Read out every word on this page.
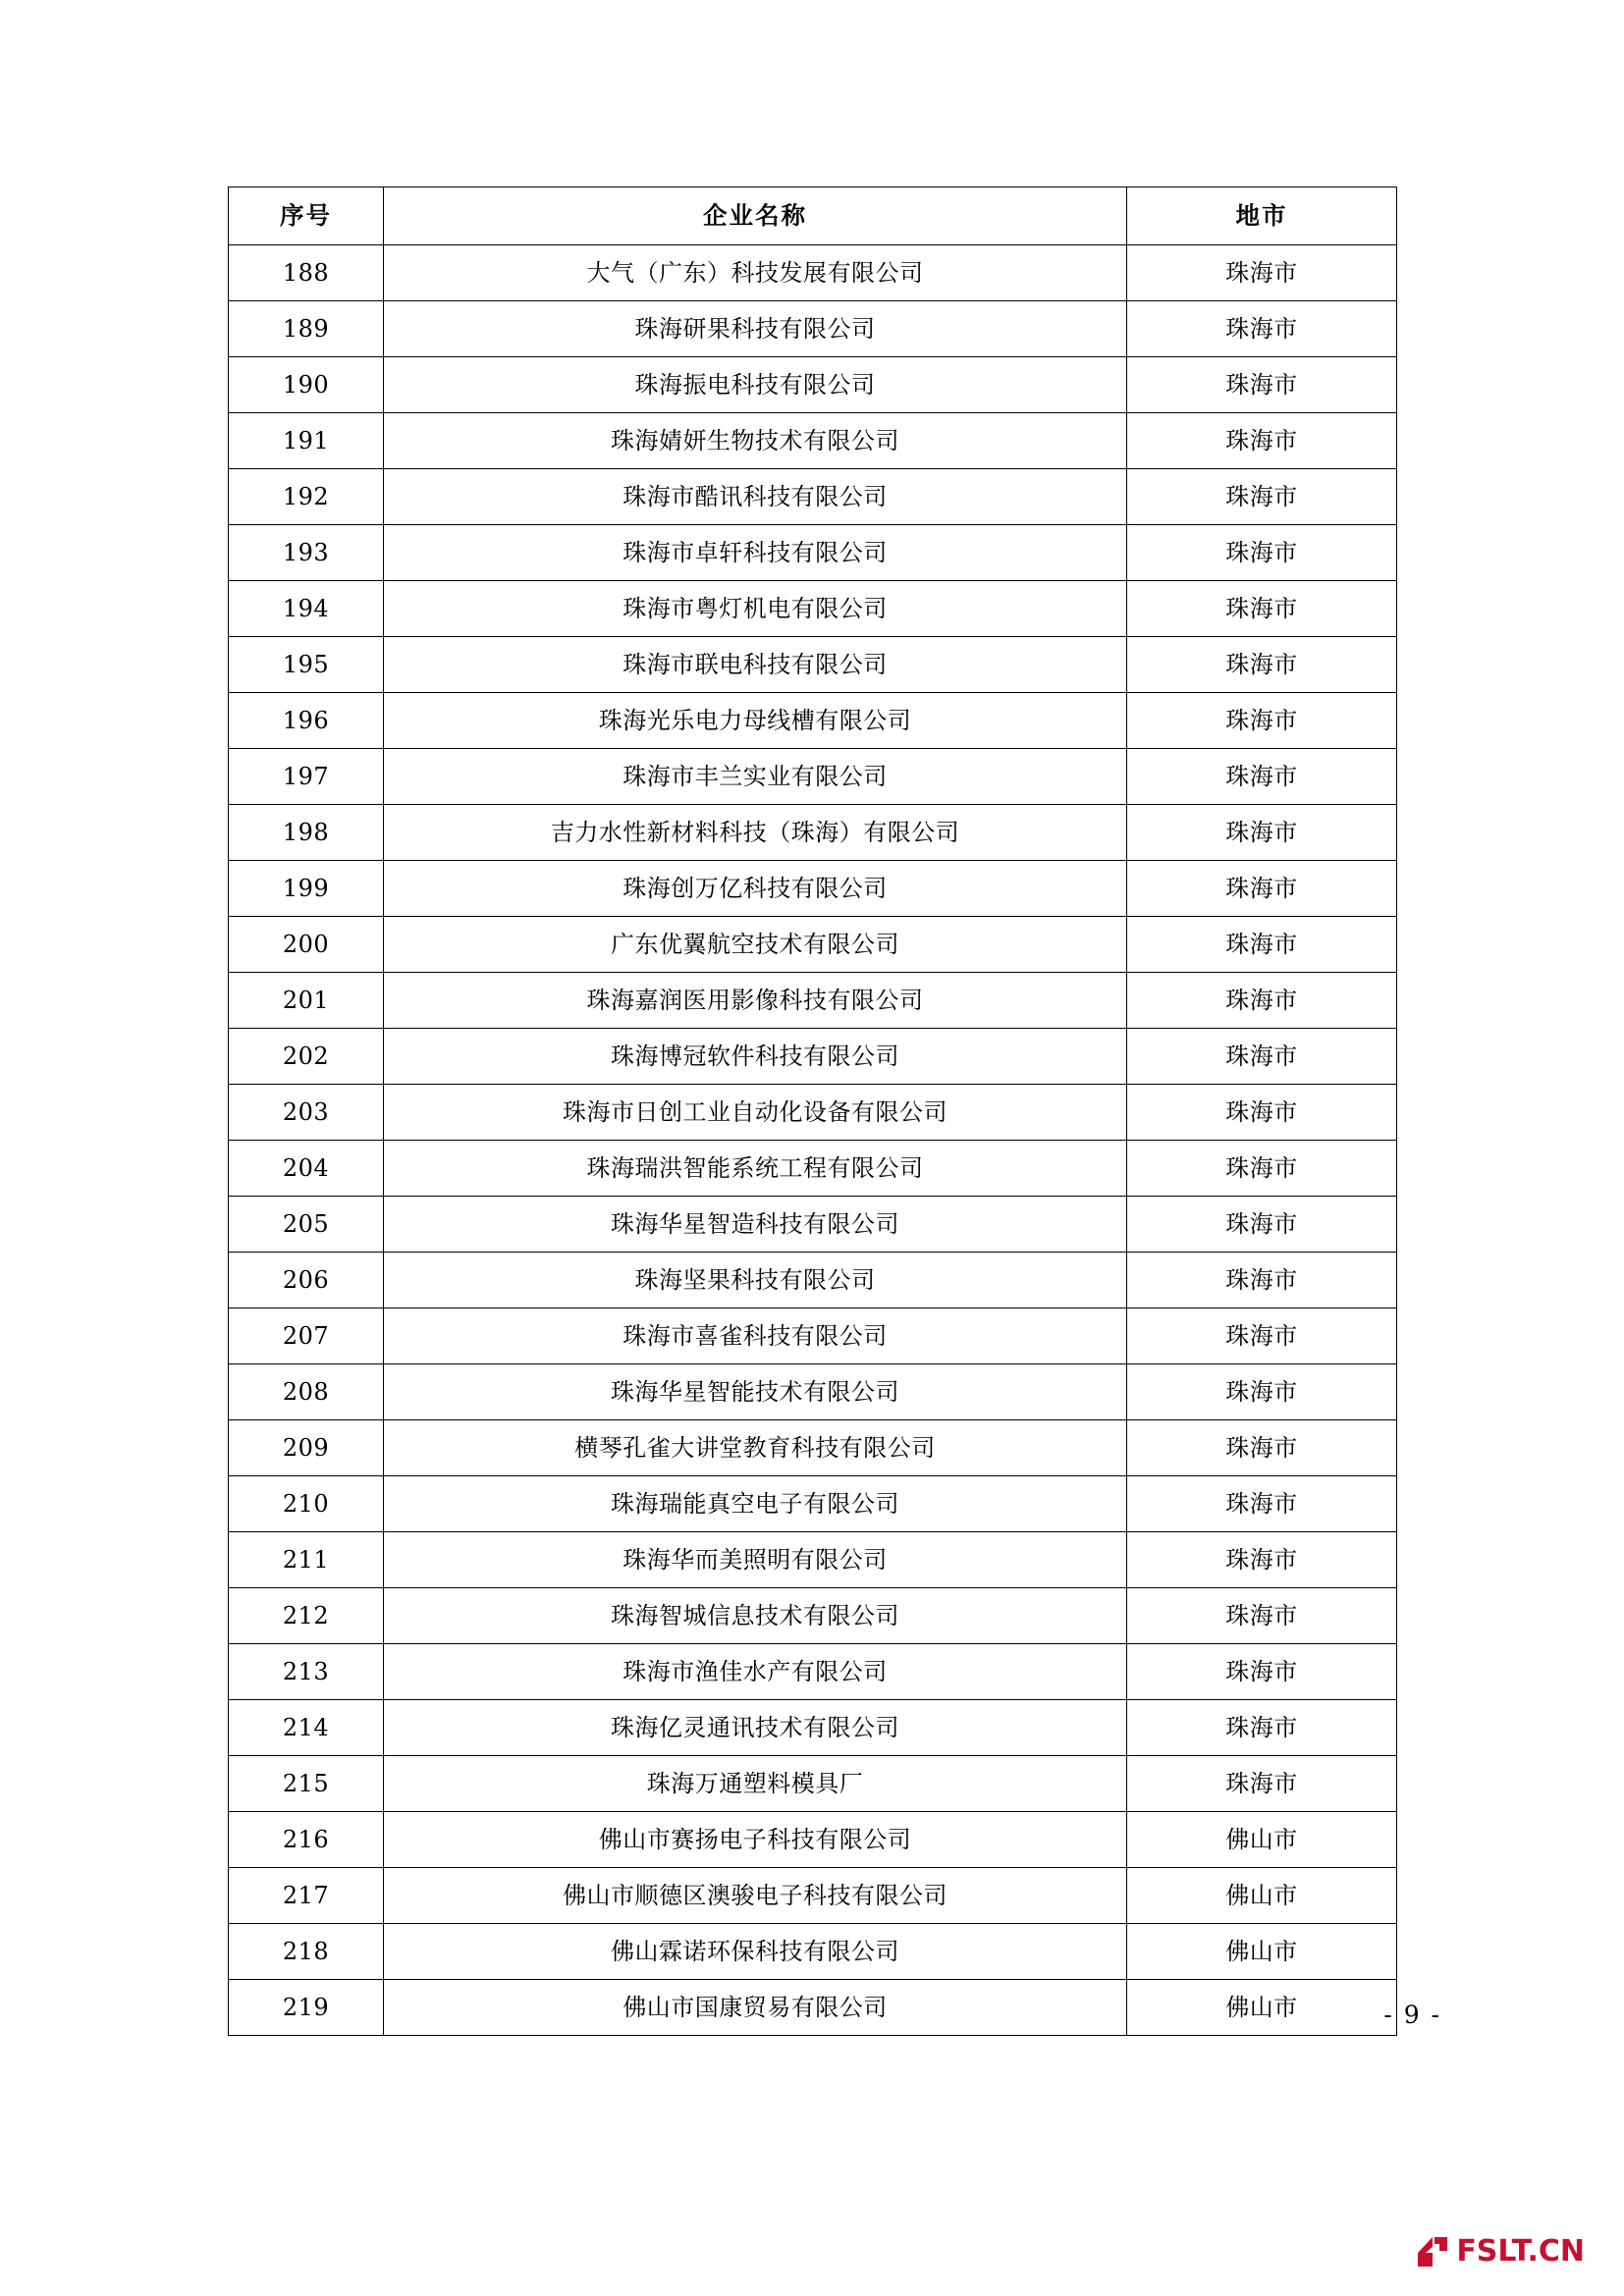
序号	企业名称	地市
188	大气（广东）科技发展有限公司	珠海市
189	珠海研果科技有限公司	珠海市
190	珠海振电科技有限公司	珠海市
191	珠海婧妍生物技术有限公司	珠海市
192	珠海市酷讯科技有限公司	珠海市
193	珠海市卓轩科技有限公司	珠海市
194	珠海市粤灯机电有限公司	珠海市
195	珠海市联电科技有限公司	珠海市
196	珠海光乐电力母线槽有限公司	珠海市
197	珠海市丰兰实业有限公司	珠海市
198	吉力水性新材料科技（珠海）有限公司	珠海市
199	珠海创万亿科技有限公司	珠海市
200	广东优翼航空技术有限公司	珠海市
201	珠海嘉润医用影像科技有限公司	珠海市
202	珠海博冠软件科技有限公司	珠海市
203	珠海市日创工业自动化设备有限公司	珠海市
204	珠海瑞洪智能系统工程有限公司	珠海市
205	珠海华星智造科技有限公司	珠海市
206	珠海坚果科技有限公司	珠海市
207	珠海市喜雀科技有限公司	珠海市
208	珠海华星智能技术有限公司	珠海市
209	横琴孔雀大讲堂教育科技有限公司	珠海市
210	珠海瑞能真空电子有限公司	珠海市
211	珠海华而美照明有限公司	珠海市
212	珠海智城信息技术有限公司	珠海市
213	珠海市渔佳水产有限公司	珠海市
214	珠海亿灵通讯技术有限公司	珠海市
215	珠海万通塑料模具厂	珠海市
216	佛山市赛扬电子科技有限公司	佛山市
217	佛山市顺德区澳骏电子科技有限公司	佛山市
218	佛山霖诺环保科技有限公司	佛山市
219	佛山市国康贸易有限公司	佛山市	- 9 -
FSLT.CN
